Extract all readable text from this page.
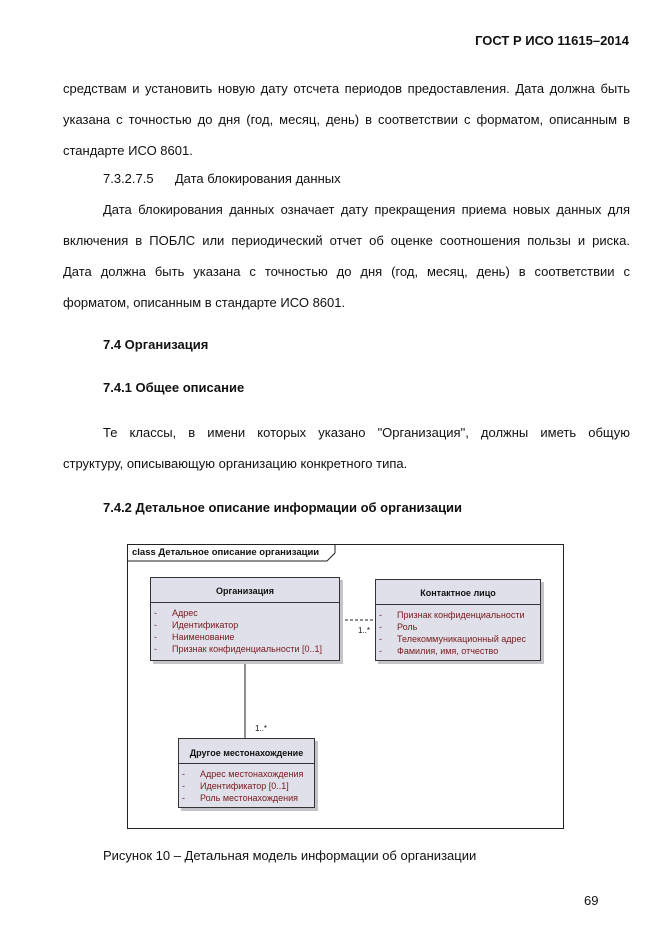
ГОСТ Р ИСО 11615–2014

средствам и установить новую дату отсчета периодов предоставления. Дата должна быть
указана с точностью до дня (год, месяц, день) в соответствии с форматом, описанным в
стандарте ИСО 8601.

7.3.2.7.5 Дата блокирования данных

Дата блокирования данных означает дату прекращения приема новых данных для
включения в ПОБЛС или периодический отчет об оценке соотношения пользы и риска.
Дата должна быть указана с точностью до дня (год, месяц, день) в соответствии с
форматом, описанным в стандарте ИСО 8601.

7.4 Организация
7.4.1 Общее описание

Те классы, в имени которых указано "Организация", должны иметь общую
структуру, описывающую организацию конкретного типа.

7.4.2 Детальное описание информации об организации
class Детальное описание организации
1..*
1..*
Организация
- Адрес
- Идентификатор
- Наименование
- Признак конфиденциальности [0..1]
Контактное лицо
- Признак конфиденциальности
- Роль
- Телекоммуникационный адрес
- Фамилия, имя, отчество
Другое местонахождение
- Адрес местонахождения
- Идентификатор [0..1]
- Роль местонахождения
Рисунок 10 – Детальная модель информации об организации
69
